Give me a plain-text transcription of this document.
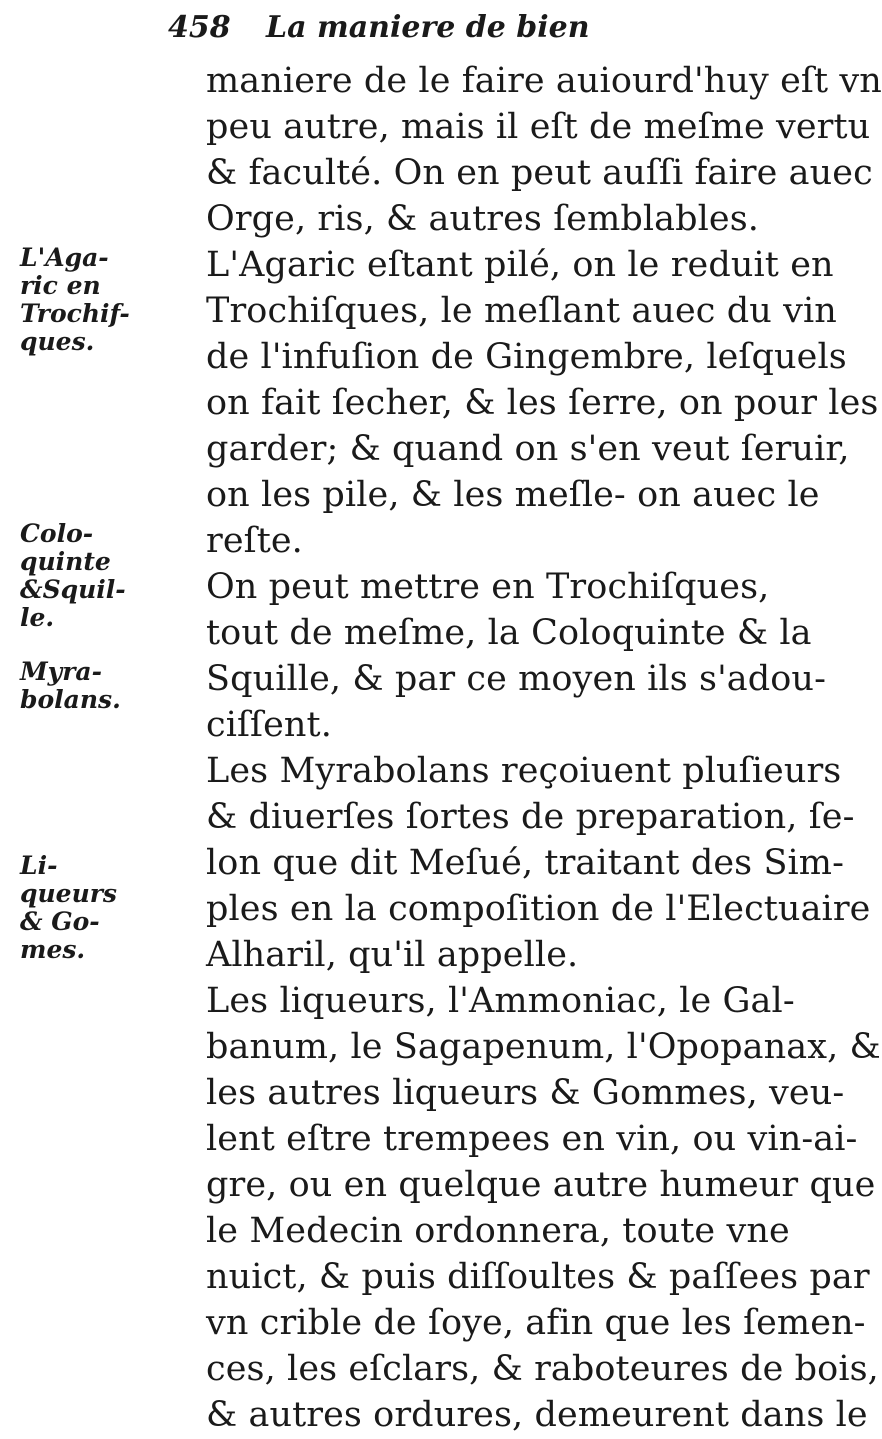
458 La maniere de bien
L'Aga-
ric en
Trochif-
ques.
Colo-
quinte
&Squil-
le.
Myra-
bolans.
Li-
queurs
& Go-
mes.
maniere de le faire auiourd'huy eſt vn
peu autre, mais il eſt de meſme vertu
& faculté. On en peut auſſi faire auec
Orge, ris, & autres ſemblables.
L'Agaric eſtant pilé, on le reduit en
Trochiſques, le meſlant auec du vin
de l'infuſion de Gingembre, leſquels
on fait ſecher, & les ſerre, on pour les
garder; & quand on s'en veut ſeruir,
on les pile, & les meſle- on auec le
reſte.
On peut mettre en Trochiſques,
tout de meſme, la Coloquinte & la
Squille, & par ce moyen ils s'adou-
ciſſent.
Les Myrabolans reçoiuent pluſieurs
& diuerſes ſortes de preparation, ſe-
lon que dit Meſué, traitant des Sim-
ples en la compoſition de l'Electuaire
Alharil, qu'il appelle.
Les liqueurs, l'Ammoniac, le Gal-
banum, le Sagapenum, l'Opopanax, &
les autres liqueurs & Gommes, veu-
lent eſtre trempees en vin, ou vin-ai-
gre, ou en quelque autre humeur que
le Medecin ordonnera, toute vne
nuict, & puis diſſoultes & paſſees par
vn crible de ſoye, afin que les ſemen-
ces, les eſclars, & raboteures de bois,
& autres ordures, demeurent dans le
